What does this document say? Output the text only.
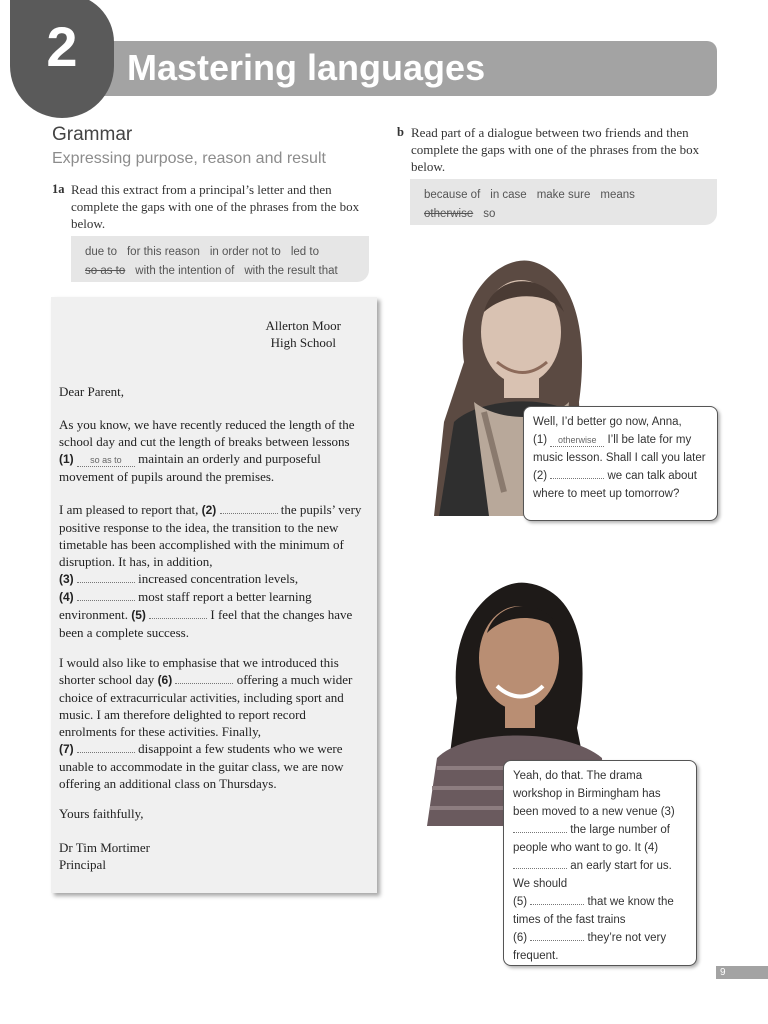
2	Mastering languages
Grammar
Expressing purpose, reason and result
1a Read this extract from a principal’s letter and then complete the gaps with one of the phrases from the box below.
due to for this reason in order not to led to
so as to with the intention of with the result that
Allerton Moor
High School
Dear Parent,
As you know, we have recently reduced the length of the school day and cut the length of breaks between lessons (1) so as to maintain an orderly and purposeful movement of pupils around the premises.
I am pleased to report that, (2)	the pupils’ very positive response to the idea, the transition to the new timetable has been accomplished with the minimum of disruption. It has, in addition,
(3)	increased concentration levels,
(4)	most staff report a better learning environment. (5)	I feel that the changes have been a complete success.
I would also like to emphasise that we introduced this shorter school day (6)	offering a much wider choice of extracurricular activities, including sport and music. I am therefore delighted to report record enrolments for these activities. Finally,
(7)	disappoint a few students who we were unable to accommodate in the guitar class, we are now offering an additional class on Thursdays.
Yours faithfully,
Dr Tim Mortimer
Principal
b Read part of a dialogue between two friends and then complete the gaps with one of the phrases from the box below.
because of in case make sure means
otherwise so
Well, I’d better go now, Anna,
(1) otherwise I’ll be late for my music lesson. Shall I call you later (2)	we can talk about where to meet up tomorrow?
Yeah, do that. The drama workshop in Birmingham has been moved to a new venue (3)  the large number of people who want to go. It (4)  an early start for us. We should
(5)	that we know the times of the fast trains
(6)	they’re not very frequent.
9
